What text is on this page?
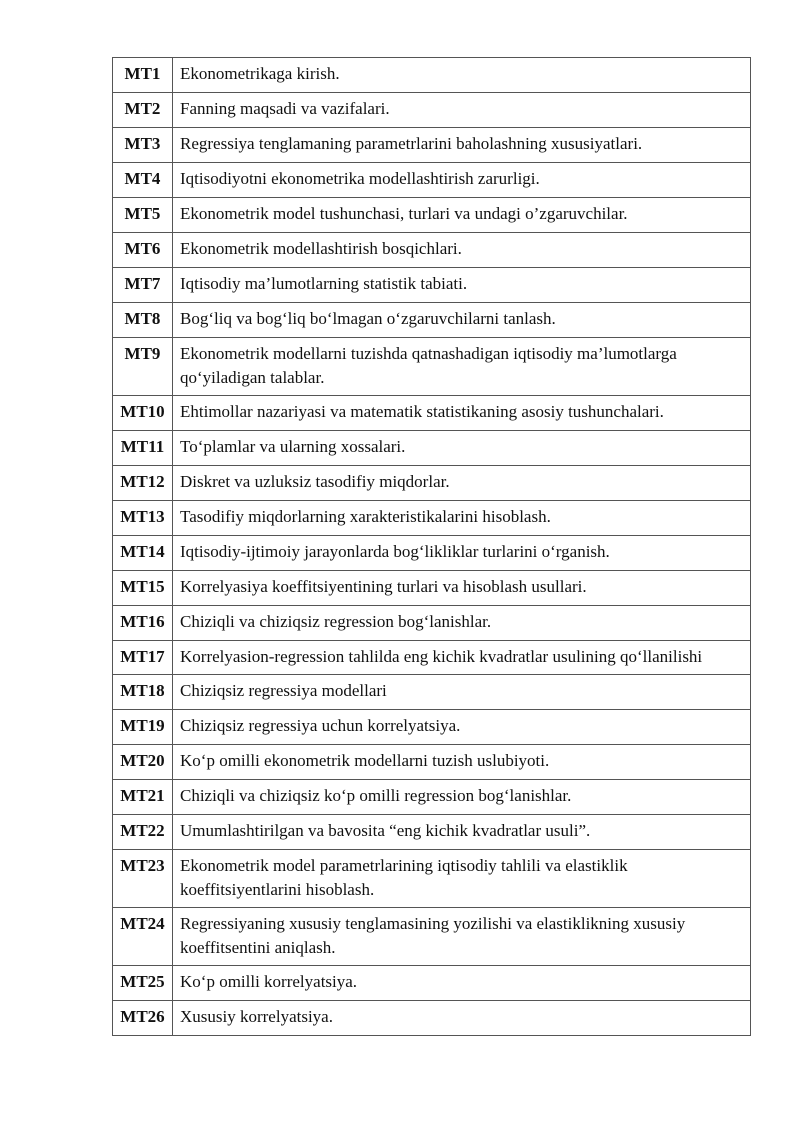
MT1	Ekonometrikaga kirish.
MT2	Fanning maqsadi va vazifalari.
MT3	Regressiya tenglamaning parametrlarini baholashning xususiyatlari.
MT4	Iqtisodiyotni ekonometrika modellashtirish zarurligi.
MT5	Ekonometrik model tushunchasi, turlari va undagi o’zgaruvchilar.
MT6	Ekonometrik modellashtirish bosqichlari.
MT7	Iqtisodiy ma’lumotlarning statistik tabiati.
MT8	Bog‘liq va bog‘liq bo‘lmagan o‘zgaruvchilarni tanlash.
MT9	Ekonometrik modellarni tuzishda qatnashadigan iqtisodiy ma’lumotlarga qo‘yiladigan talablar.
MT10	Ehtimollar nazariyasi va matematik statistikaning asosiy tushunchalari.
MT11	To‘plamlar va ularning xossalari.
MT12	Diskret va uzluksiz tasodifiy miqdorlar.
MT13	Tasodifiy miqdorlarning xarakteristikalarini hisoblash.
MT14	Iqtisodiy-ijtimoiy jarayonlarda bog‘likliklar turlarini o‘rganish.
MT15	Korrelyasiya koeffitsiyentining turlari va hisoblash usullari.
MT16	Chiziqli va chiziqsiz regression bog‘lanishlar.
MT17	Korrelyasion-regression tahlilda eng kichik kvadratlar usulining qo‘llanilishi
MT18	Chiziqsiz regressiya modellari
MT19	Chiziqsiz regressiya uchun korrelyatsiya.
MT20	Ko‘p omilli ekonometrik modellarni tuzish uslubiyoti.
MT21	Chiziqli va chiziqsiz ko‘p omilli regression bog‘lanishlar.
MT22	Umumlashtirilgan va bavosita “eng kichik kvadratlar usuli”.
MT23	Ekonometrik model parametrlarining iqtisodiy tahlili va elastiklik koeffitsiyentlarini hisoblash.
MT24	Regressiyaning xususiy tenglamasining yozilishi va elastiklikning xususiy koeffitsentini aniqlash.
MT25	Ko‘p omilli korrelyatsiya.
MT26	Xususiy korrelyatsiya.
